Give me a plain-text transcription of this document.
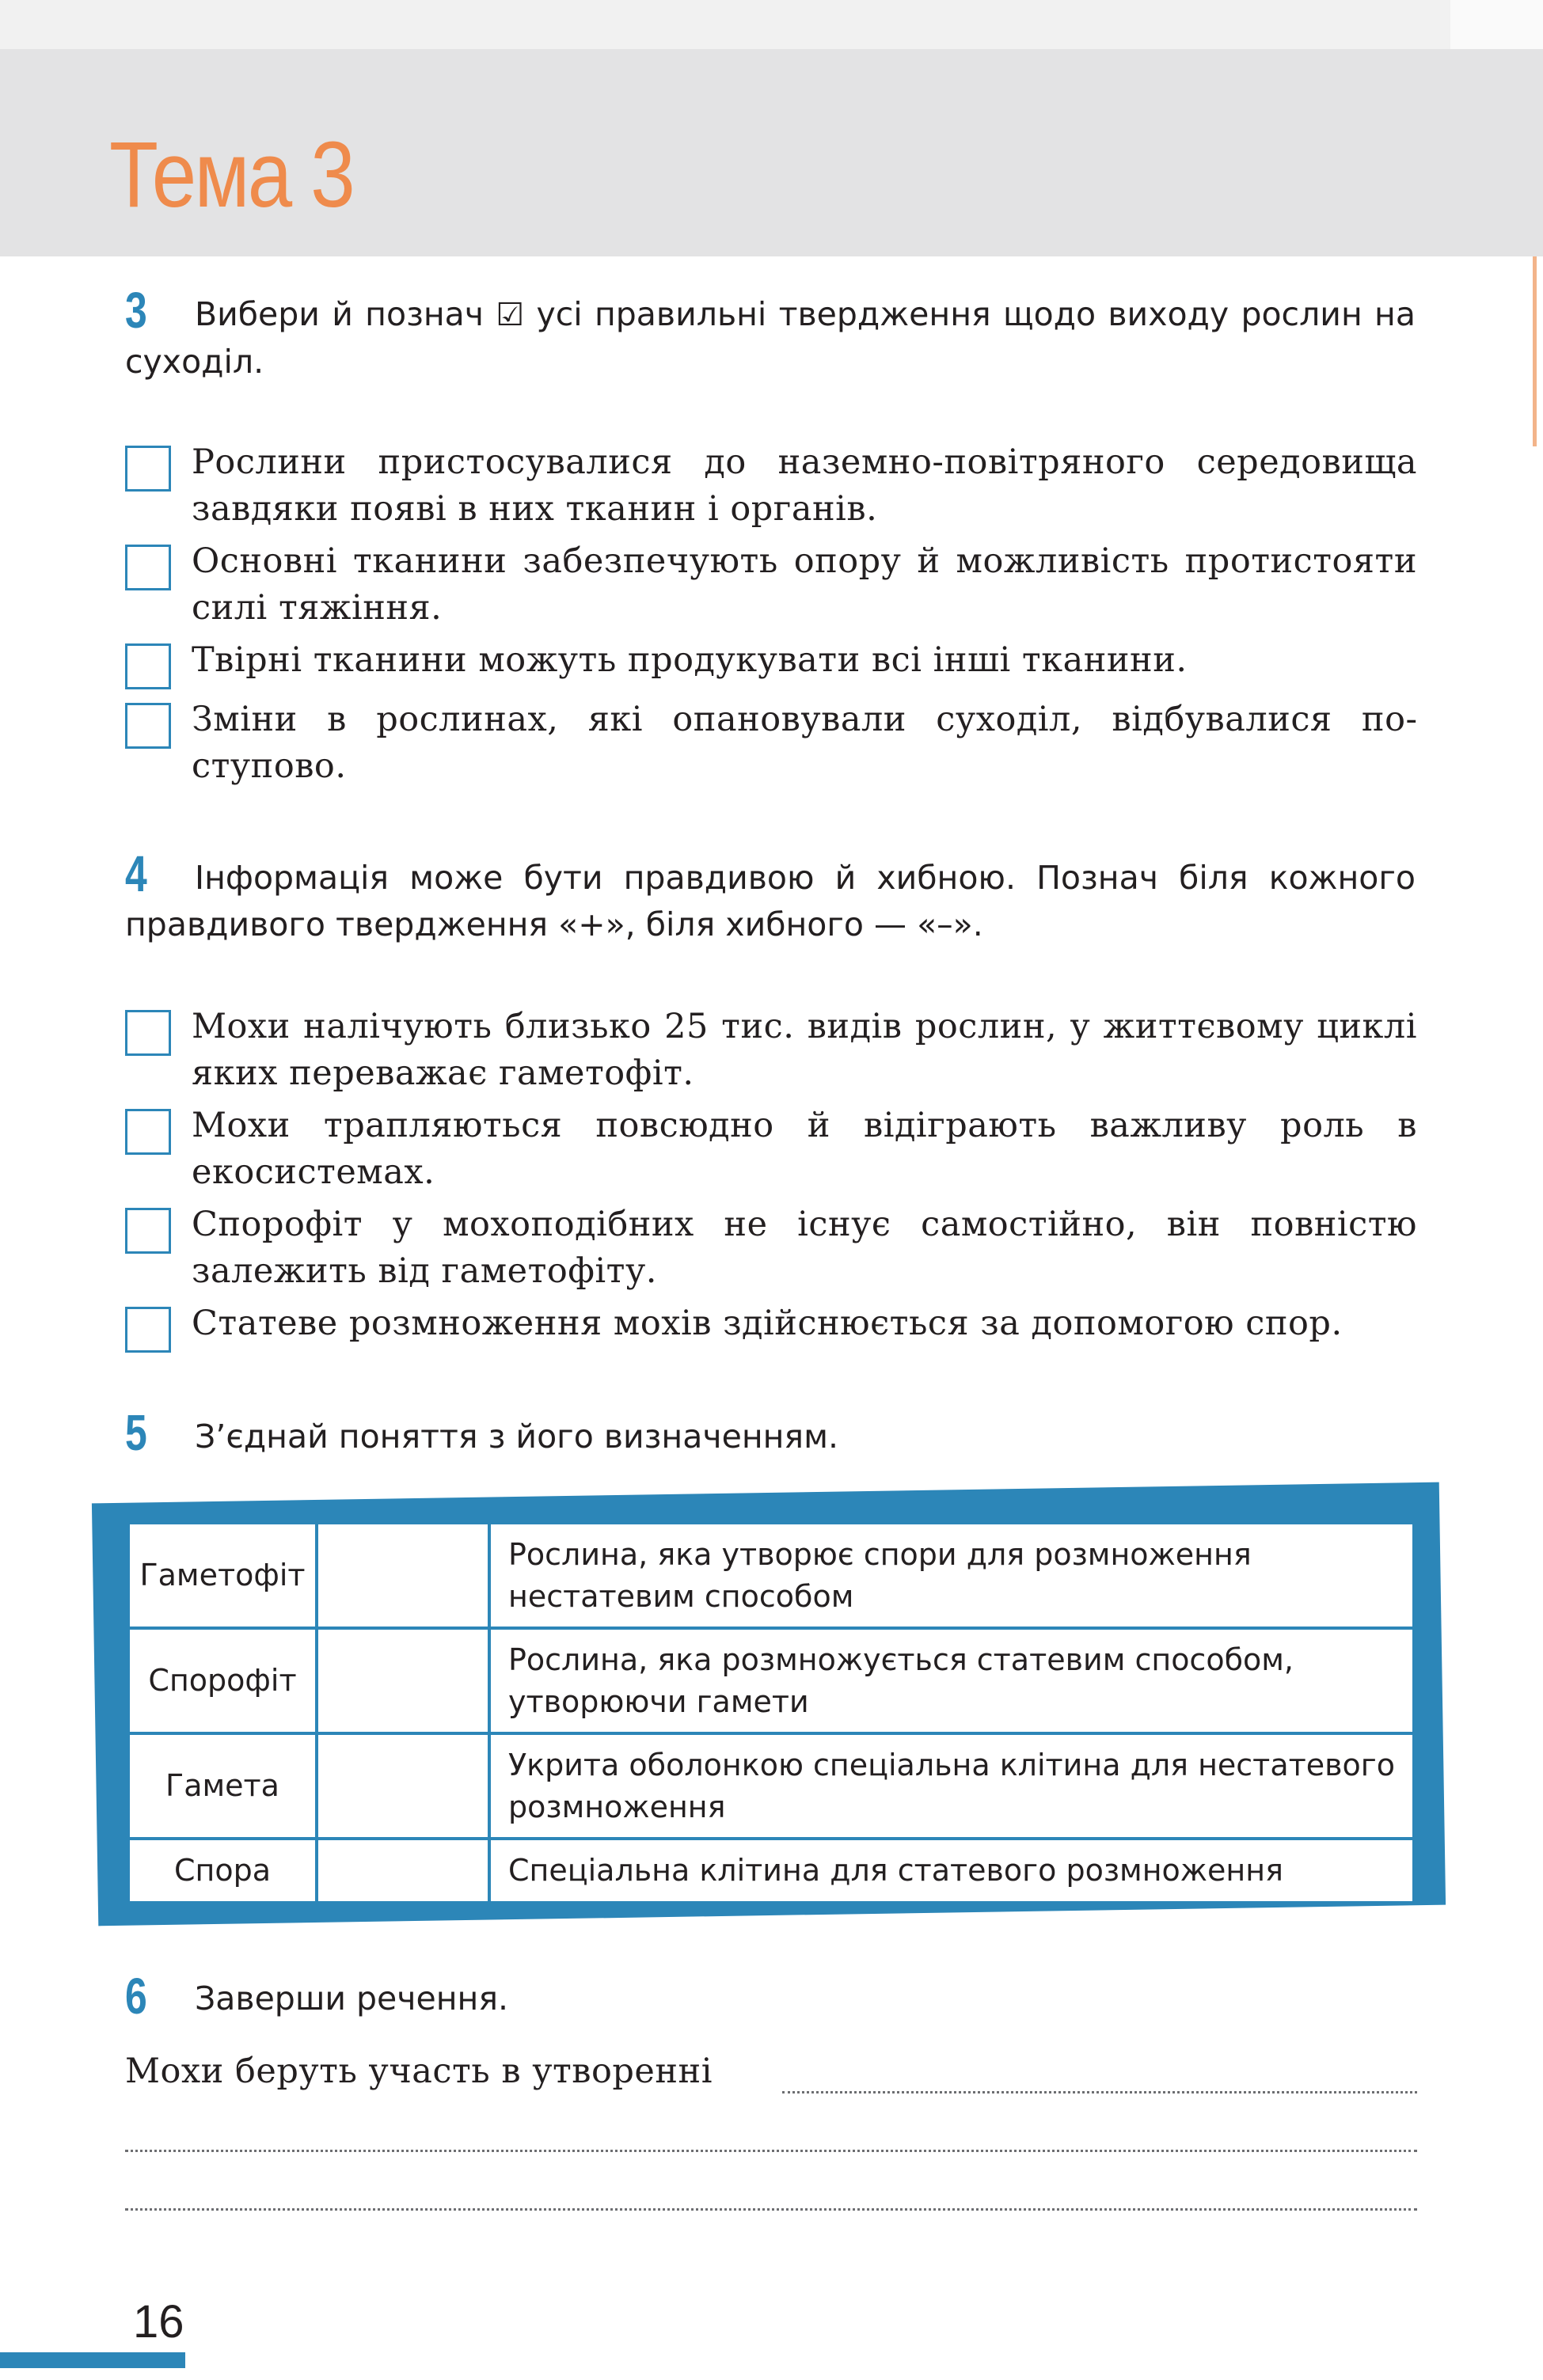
Тема 3
3	Вибери й познач ☑ усі правильні твердження щодо виходу рослин на суходіл.
Рослини пристосувалися до наземно-повітряного середовища завдяки появі в них тканин і органів.
Основні тканини забезпечують опору й можливість протистояти силі тяжіння.
Твірні тканини можуть продукувати всі інші тканини.
Зміни в рослинах, які опановували суходіл, відбувалися поступово.
4	Інформація може бути правдивою й хибною. Познач біля кожного правдивого твердження «+», біля хибного — «–».
Мохи налічують близько 25 тис. видів рослин, у життєвому циклі яких переважає гаметофіт.
Мохи трапляються повсюдно й відіграють важливу роль в екосистемах.
Спорофіт у мохоподібних не існує самостійно, він повністю залежить від гаметофіту.
Статеве розмноження мохів здійснюється за допомогою спор.
5	З’єднай поняття з його визначенням.
Гаметофіт		Рослина, яка утворює спори для розмноження нестатевим способом
Спорофіт		Рослина, яка розмножується статевим способом, утворюючи гамети
Гамета		Укрита оболонкою спеціальна клітина для нестатевого розмноження
Спора		Спеціальна клітина для статевого розмноження
6	Заверши речення.
Мохи беруть участь в утворенні
16
